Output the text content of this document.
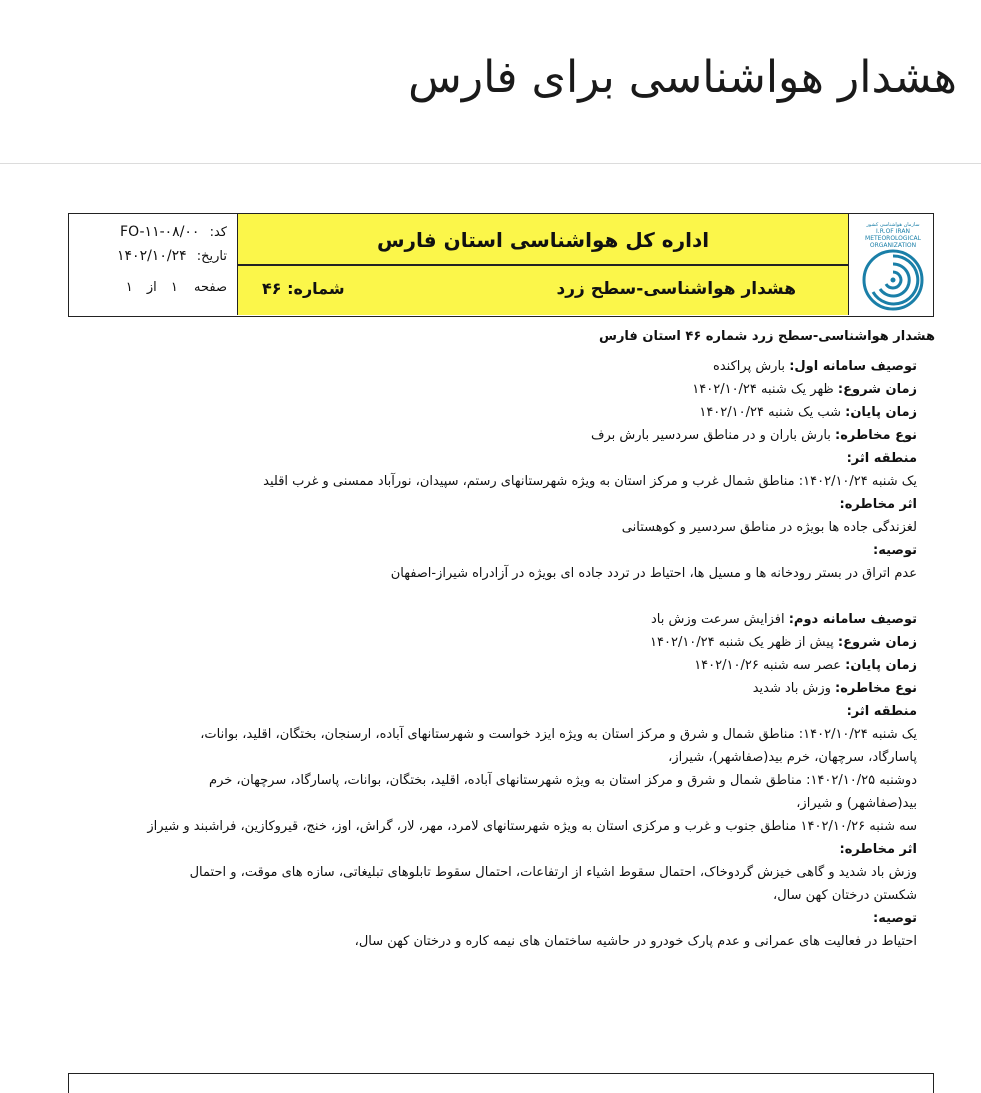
هشدار هواشناسی برای فارس
کد: FO-۱۱-۰۸/۰۰
تاریخ: ۱۴۰۲/۱۰/۲۴
صفحه ۱ از ۱
اداره کل هواشناسی استان فارس
هشدار هواشناسی-سطح زرد
شماره: ۴۶
سازمان هواشناسی کشور
I.R.OF IRAN
METEOROLOGICAL
ORGANIZATION
هشدار هواشناسی-سطح زرد شماره ۴۶ استان فارس
توصیف سامانه اول: بارش پراکنده
زمان شروع: ظهر یک شنبه ۱۴۰۲/۱۰/۲۴
زمان پایان: شب یک شنبه ۱۴۰۲/۱۰/۲۴
نوع مخاطره: بارش باران و در مناطق سردسیر بارش برف
منطقه اثر:
یک شنبه ۱۴۰۲/۱۰/۲۴: مناطق شمال غرب و مرکز استان به ویژه شهرستانهای رستم، سپیدان، نورآباد ممسنی و غرب اقلید
اثر مخاطره:
لغزندگی جاده ها بویژه در مناطق سردسیر و کوهستانی
توصیه:
عدم اتراق در بستر رودخانه ها و مسیل ها، احتیاط در تردد جاده ای بویژه در آزادراه شیراز-اصفهان
توصیف سامانه دوم: افزایش سرعت وزش باد
زمان شروع: پیش از ظهر یک شنبه ۱۴۰۲/۱۰/۲۴
زمان پایان: عصر سه شنبه ۱۴۰۲/۱۰/۲۶
نوع مخاطره: وزش باد شدید
منطقه اثر:
یک شنبه ۱۴۰۲/۱۰/۲۴: مناطق شمال و شرق و مرکز استان به ویژه ایزد خواست و شهرستانهای آباده، ارسنجان، بختگان، اقلید، بوانات،
پاسارگاد، سرچهان، خرم بید(صفاشهر)، شیراز،
دوشنبه ۱۴۰۲/۱۰/۲۵: مناطق شمال و شرق و مرکز استان به ویژه شهرستانهای آباده، اقلید، بختگان، بوانات، پاسارگاد، سرچهان، خرم
بید(صفاشهر) و شیراز،
سه شنبه ۱۴۰۲/۱۰/۲۶ مناطق جنوب و غرب و مرکزی استان به ویژه شهرستانهای لامرد، مهر، لار، گراش، اوز، خنج، قیروکازین، فراشبند و شیراز
اثر مخاطره:
وزش باد شدید و گاهی خیزش گردوخاک، احتمال سقوط اشیاء از ارتفاعات، احتمال سقوط تابلوهای تبلیغاتی، سازه های موقت، و احتمال
شکستن درختان کهن سال،
توصیه:
احتیاط در فعالیت های عمرانی و عدم پارک خودرو در حاشیه ساختمان های نیمه کاره و درختان کهن سال،
